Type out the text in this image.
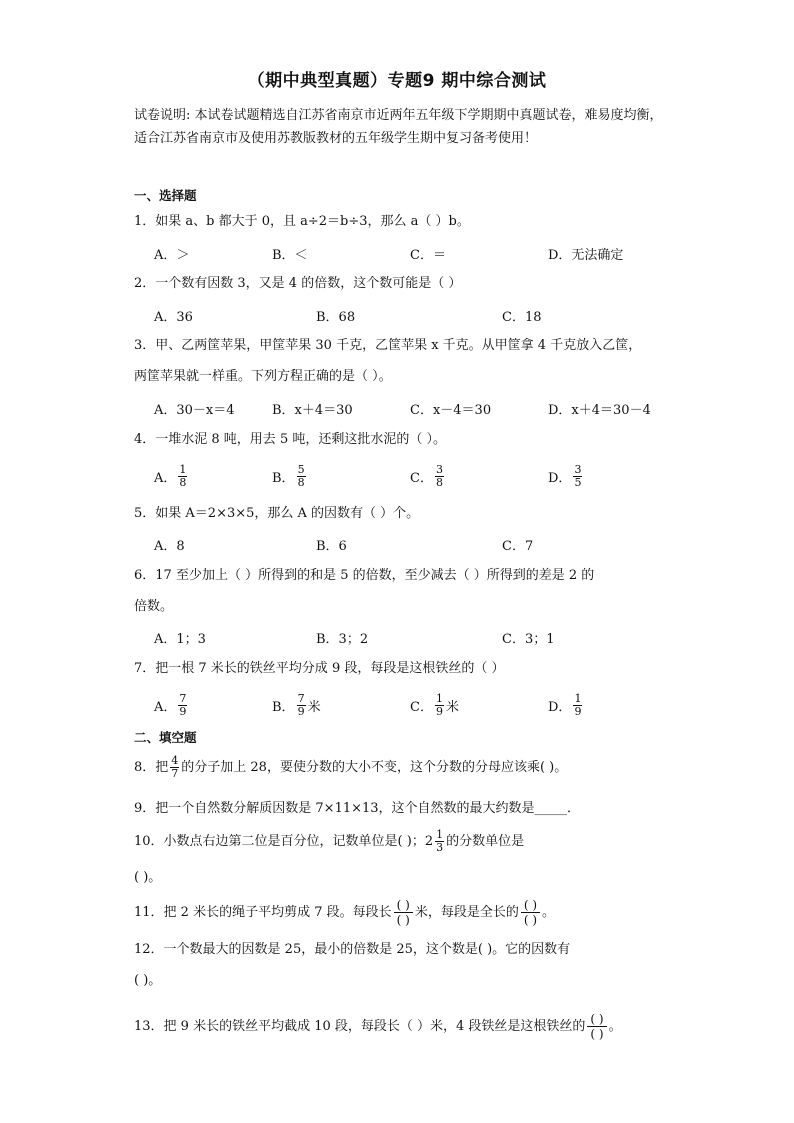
（期中典型真题）专题9 期中综合测试
试卷说明: 本试卷试题精选自江苏省南京市近两年五年级下学期期中真题试卷，难易度均衡，适合江苏省南京市及使用苏教版教材的五年级学生期中复习备考使用！
一、选择题
1．如果 a、b 都大于 0，且 a÷2＝b÷3，那么 a（ ）b。
A．＞	B．＜	C．＝	D．无法确定
2．一个数有因数 3，又是 4 的倍数，这个数可能是（ ）
A．36	B．68	C．18
3．甲、乙两筐苹果，甲筐苹果 30 千克，乙筐苹果 x 千克。从甲筐拿 4 千克放入乙筐，
两筐苹果就一样重。下列方程正确的是（ ）。
A．30－x＝4	B．x＋4＝30	C．x－4＝30	D．x＋4＝30－4
4．一堆水泥 8 吨，用去 5 吨，还剩这批水泥的（ ）。
A． $\frac{1}{8}$	B． $\frac{5}{8}$	C． $\frac{3}{8}$	D． $\frac{3}{5}$
5．如果 A＝2×3×5，那么 A 的因数有（ ）个。
A．8	B．6	C．7
6．17 至少加上（ ）所得到的和是 5 的倍数，至少减去（ ）所得到的差是 2 的
倍数。
A．1；3	B．3；2	C．3；1
7．把一根 7 米长的铁丝平均分成 9 段，每段是这根铁丝的（ ）
A． $\frac{7}{9}$	B． $\frac{7}{9}$ 米	C． $\frac{1}{9}$ 米	D． $\frac{1}{9}$
二、填空题
8．把 $\frac{4}{7}$ 的分子加上 28，要使分数的大小不变，这个分数的分母应该乘( )。
9．把一个自然数分解质因数是 7×11×13，这个自然数的最大约数是_____．
10．小数点右边第二位是百分位，记数单位是( )； $2 \frac{1}{3}$ 的分数单位是
( )。
11．把 2 米长的绳子平均剪成 7 段。每段长 ( )
( ) 米，每段是全长的 ( )
( ) 。
12．一个数最大的因数是 25，最小的倍数是 25，这个数是( )。它的因数有
( )。
13．把 9 米长的铁丝平均截成 10 段，每段长（ ）米，4 段铁丝是这根铁丝的 ( )
( ) 。
